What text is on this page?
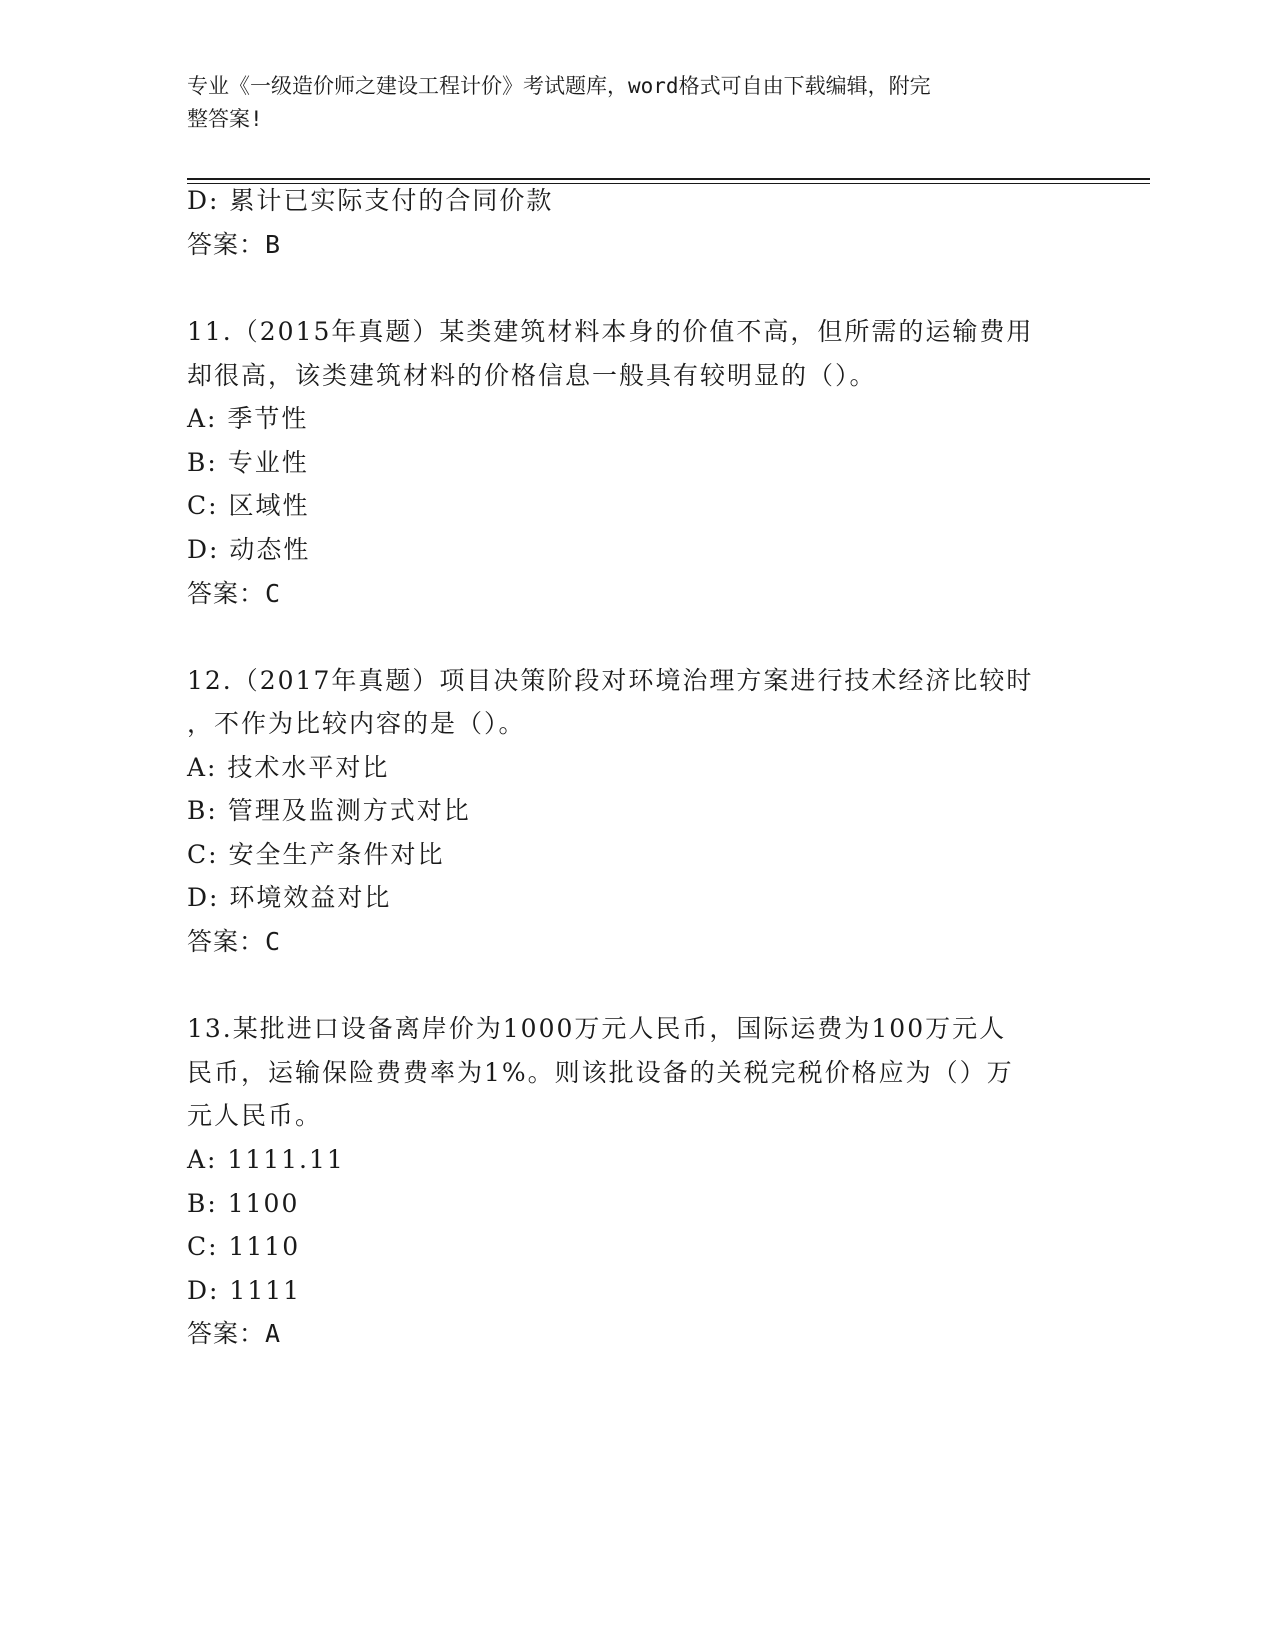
专业《一级造价师之建设工程计价》考试题库，word格式可自由下载编辑，附完
整答案!
D: 累计已实际支付的合同价款
答案：B
11.（2015年真题）某类建筑材料本身的价值不高，但所需的运输费用
却很高，该类建筑材料的价格信息一般具有较明显的（）。
A: 季节性
B: 专业性
C: 区域性
D: 动态性
答案：C
12.（2017年真题）项目决策阶段对环境治理方案进行技术经济比较时
，不作为比较内容的是（）。
A: 技术水平对比
B: 管理及监测方式对比
C: 安全生产条件对比
D: 环境效益对比
答案：C
13.某批进口设备离岸价为1000万元人民币，国际运费为100万元人
民币，运输保险费费率为1%。则该批设备的关税完税价格应为（）万
元人民币。
A: 1111.11
B: 1100
C: 1110
D: 1111
答案：A
